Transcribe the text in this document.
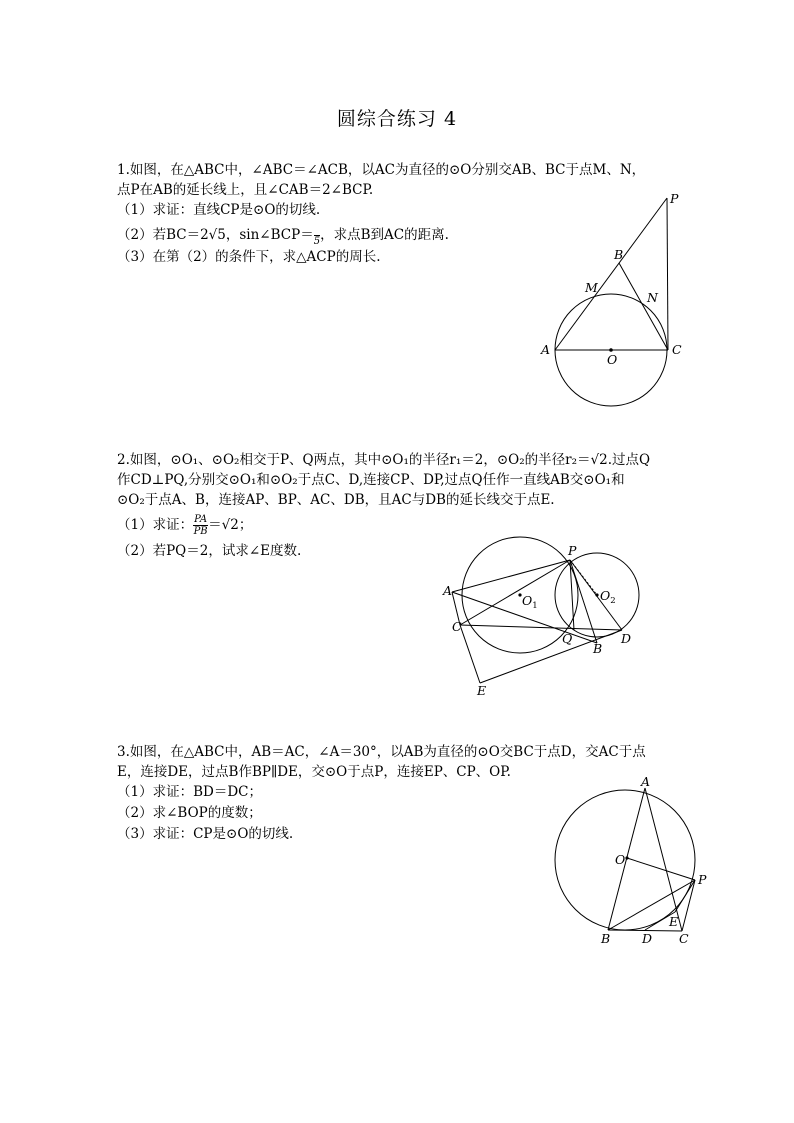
圆综合练习 4
1.如图，在△ABC中，∠ABC＝∠ACB，以AC为直径的⊙O分别交AB、BC于点M、N，
点P在AB的延长线上，且∠CAB＝2∠BCP.
（1）求证：直线CP是⊙O的切线.
（2）若BC＝2√5，sin∠BCP＝ 5 ，求点B到AC的距离.
（3）在第（2）的条件下，求△ACP的周长.
P
B
M
N
A
O
C
2.如图，⊙O₁、⊙O₂相交于P、Q两点，其中⊙O₁的半径r₁＝2，⊙O₂的半径r₂＝√2.过点Q
作CD⊥PQ,分别交⊙O₁和⊙O₂于点C、D,连接CP、DP,过点Q任作一直线AB交⊙O₁和
⊙O₂于点A、B，连接AP、BP、AC、DB，且AC与DB的延长线交于点E.
（1）求证： $\frac{PA}{PB} =√2$；
（2）若PQ＝2，试求∠E度数.	P
A
$O_1$
$O_2$
C
Q
B
D
E
3.如图，在△ABC中，AB＝AC，∠A＝30°，以AB为直径的⊙O交BC于点D，交AC于点
E，连接DE，过点B作BP∥DE，交⊙O于点P，连接EP、CP、OP.
（1）求证：BD＝DC；
（2）求∠BOP的度数；
（3）求证：CP是⊙O的切线.
A
O
P
E
B	D C
